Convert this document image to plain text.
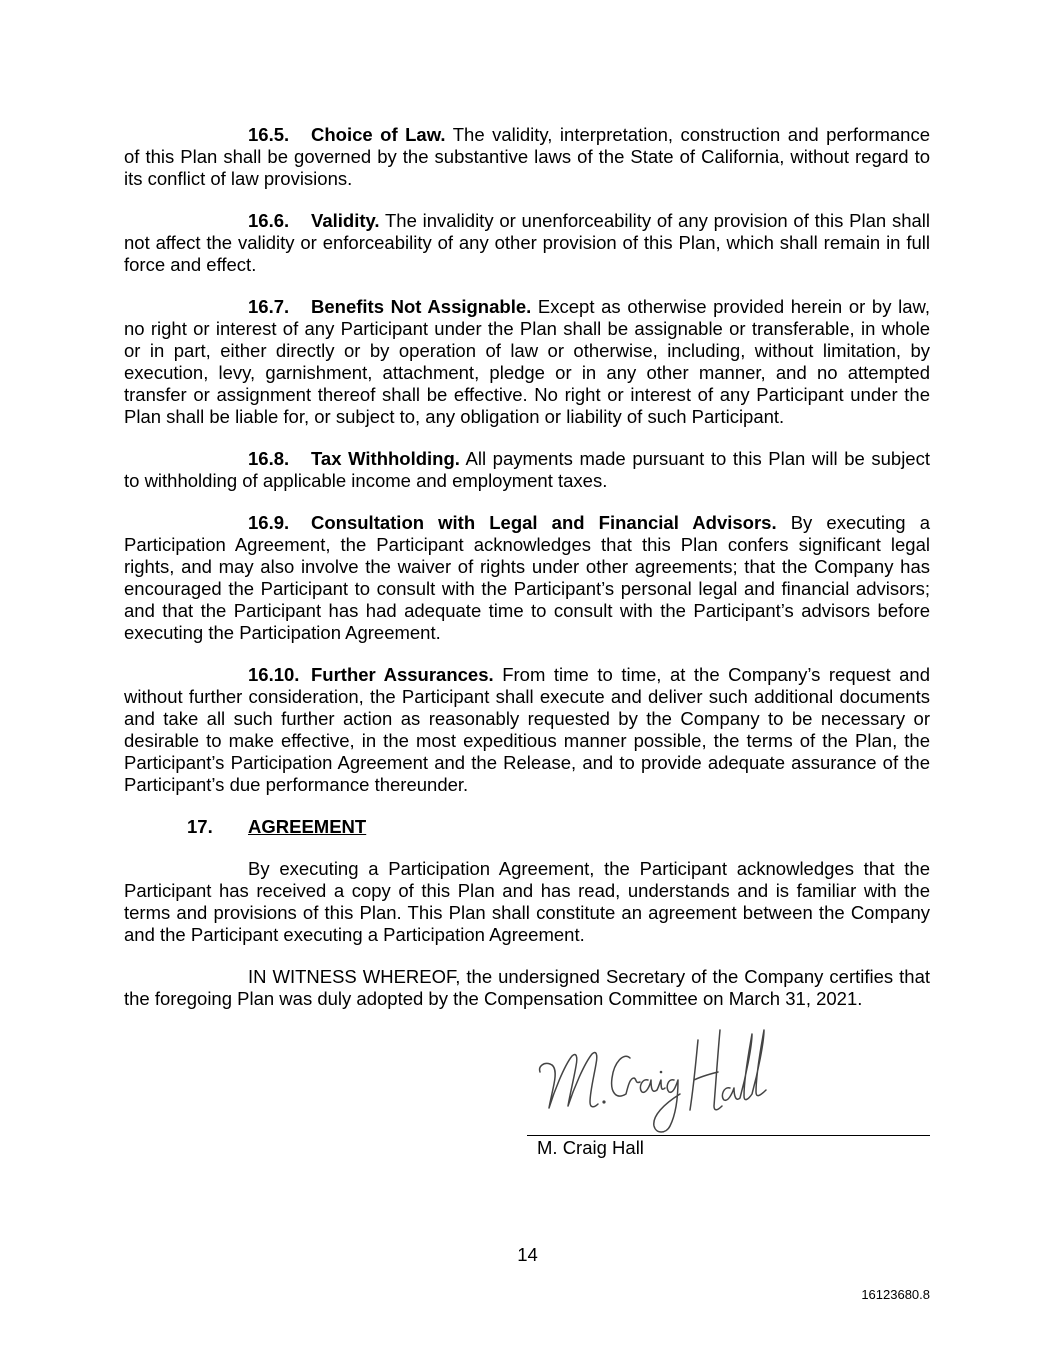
16.5. Choice of Law. The validity, interpretation, construction and performance of this Plan shall be governed by the substantive laws of the State of California, without regard to its conflict of law provisions.

16.6. Validity. The invalidity or unenforceability of any provision of this Plan shall not affect the validity or enforceability of any other provision of this Plan, which shall remain in full force and effect.

16.7. Benefits Not Assignable. Except as otherwise provided herein or by law, no right or interest of any Participant under the Plan shall be assignable or transferable, in whole or in part, either directly or by operation of law or otherwise, including, without limitation, by execution, levy, garnishment, attachment, pledge or in any other manner, and no attempted transfer or assignment thereof shall be effective. No right or interest of any Participant under the Plan shall be liable for, or subject to, any obligation or liability of such Participant.

16.8. Tax Withholding. All payments made pursuant to this Plan will be subject to withholding of applicable income and employment taxes.

16.9. Consultation with Legal and Financial Advisors. By executing a Participation Agreement, the Participant acknowledges that this Plan confers significant legal rights, and may also involve the waiver of rights under other agreements; that the Company has encouraged the Participant to consult with the Participant’s personal legal and financial advisors; and that the Participant has had adequate time to consult with the Participant’s advisors before executing the Participation Agreement.

16.10. Further Assurances. From time to time, at the Company’s request and without further consideration, the Participant shall execute and deliver such additional documents and take all such further action as reasonably requested by the Company to be necessary or desirable to make effective, in the most expeditious manner possible, the terms of the Plan, the Participant’s Participation Agreement and the Release, and to provide adequate assurance of the Participant’s due performance thereunder.

17. AGREEMENT

By executing a Participation Agreement, the Participant acknowledges that the Participant has received a copy of this Plan and has read, understands and is familiar with the terms and provisions of this Plan. This Plan shall constitute an agreement between the Company and the Participant executing a Participation Agreement.

IN WITNESS WHEREOF, the undersigned Secretary of the Company certifies that the foregoing Plan was duly adopted by the Compensation Committee on March 31, 2021.

M. Craig Hall
14
16123680.8
